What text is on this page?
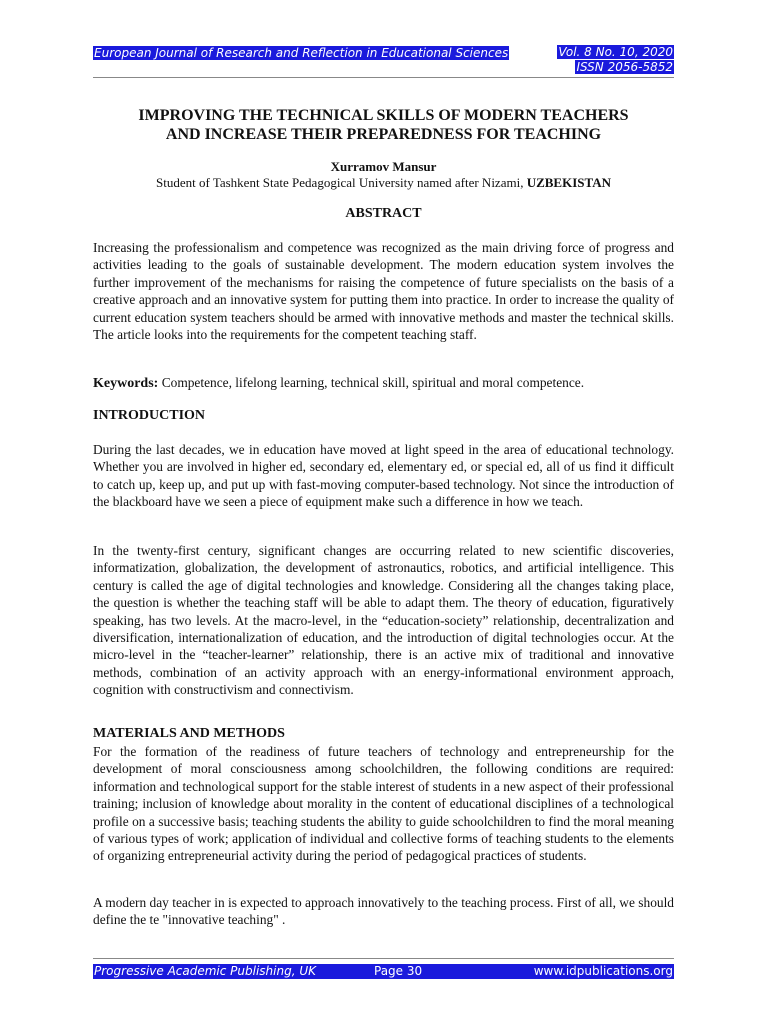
European Journal of Research and Reflection in Educational Sciences	Vol. 8 No. 10, 2020
ISSN 2056-5852
IMPROVING THE TECHNICAL SKILLS OF MODERN TEACHERS
AND INCREASE THEIR PREPAREDNESS FOR TEACHING
Xurramov Mansur
Student of Tashkent State Pedagogical University named after Nizami, UZBEKISTAN
ABSTRACT

Increasing the professionalism and competence was recognized as the main driving force of progress and activities leading to the goals of sustainable development. The modern education system involves the further improvement of the mechanisms for raising the competence of future specialists on the basis of a creative approach and an innovative system for putting them into practice. In order to increase the quality of current education system teachers should be armed with innovative methods and master the technical skills. The article looks into the requirements for the competent teaching staff.

Keywords: Competence, lifelong learning, technical skill, spiritual and moral competence.

INTRODUCTION

During the last decades, we in education have moved at light speed in the area of educational technology. Whether you are involved in higher ed, secondary ed, elementary ed, or special ed, all of us find it difficult to catch up, keep up, and put up with fast-moving computer-based technology. Not since the introduction of the blackboard have we seen a piece of equipment make such a difference in how we teach.

In the twenty-first century, significant changes are occurring related to new scientific discoveries, informatization, globalization, the development of astronautics, robotics, and artificial intelligence. This century is called the age of digital technologies and knowledge. Considering all the changes taking place, the question is whether the teaching staff will be able to adapt them. The theory of education, figuratively speaking, has two levels. At the macro-level, in the “education-society” relationship, decentralization and diversification, internationalization of education, and the introduction of digital technologies occur. At the micro-level in the “teacher-learner” relationship, there is an active mix of traditional and innovative methods, combination of an activity approach with an energy-informational environment approach, cognition with constructivism and connectivism.

MATERIALS AND METHODS

For the formation of the readiness of future teachers of technology and entrepreneurship for the development of moral consciousness among schoolchildren, the following conditions are required: information and technological support for the stable interest of students in a new aspect of their professional training; inclusion of knowledge about morality in the content of educational disciplines of a technological profile on a successive basis; teaching students the ability to guide schoolchildren to find the moral meaning of various types of work; application of individual and collective forms of teaching students to the elements of organizing entrepreneurial activity during the period of pedagogical practices of students.

A modern day teacher in is expected to approach innovatively to the teaching process. First of all, we should define the te "innovative teaching" .

Progressive Academic Publishing, UK	Page 30	www.idpublications.org
